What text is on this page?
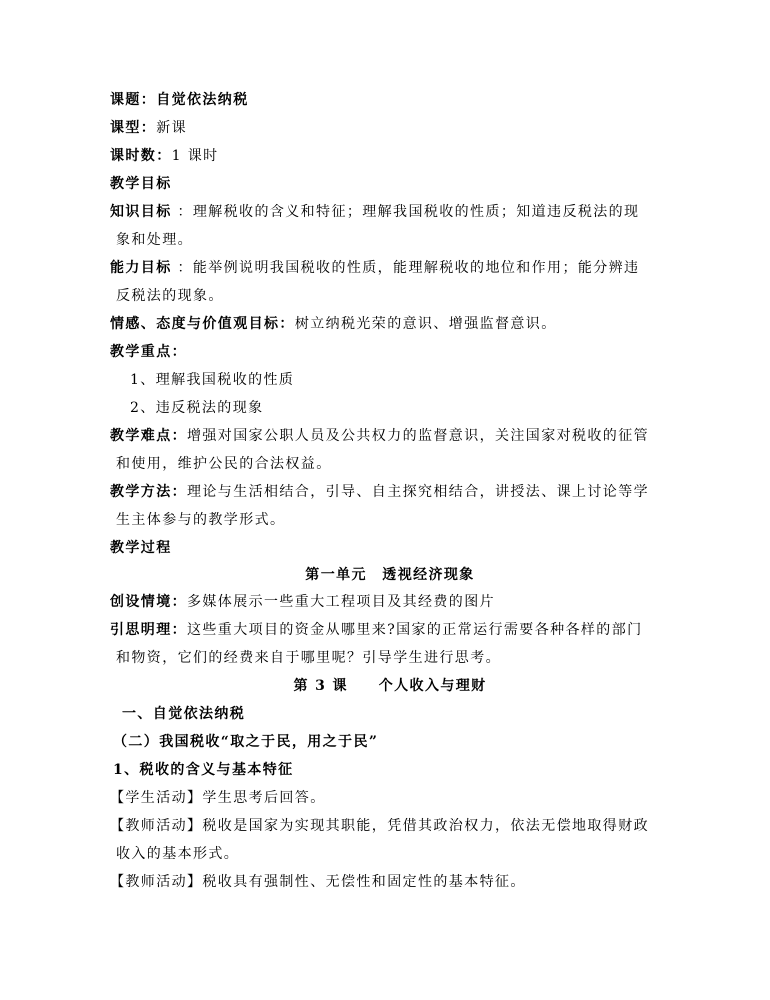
课题：自觉依法纳税
课型：新课
课时数：1 课时
教学目标
知识目标 ：理解税收的含义和特征；理解我国税收的性质；知道违反税法的现
象和处理。
能力目标 ：能举例说明我国税收的性质，能理解税收的地位和作用；能分辨违
反税法的现象。
情感、态度与价值观目标：树立纳税光荣的意识、增强监督意识。
教学重点：
1、理解我国税收的性质
2、违反税法的现象
教学难点：增强对国家公职人员及公共权力的监督意识，关注国家对税收的征管
和使用，维护公民的合法权益。
教学方法：理论与生活相结合，引导、自主探究相结合，讲授法、课上讨论等学
生主体参与的教学形式。
教学过程
第一单元　透视经济现象
创设情境：多媒体展示一些重大工程项目及其经费的图片
引思明理：这些重大项目的资金从哪里来?国家的正常运行需要各种各样的部门
和物资，它们的经费来自于哪里呢？引导学生进行思考。
第 3 课　　个人收入与理财
一、自觉依法纳税
（二）我国税收“取之于民，用之于民”
1、税收的含义与基本特征
【学生活动】学生思考后回答。
【教师活动】税收是国家为实现其职能，凭借其政治权力，依法无偿地取得财政
收入的基本形式。
【教师活动】税收具有强制性、无偿性和固定性的基本特征。
